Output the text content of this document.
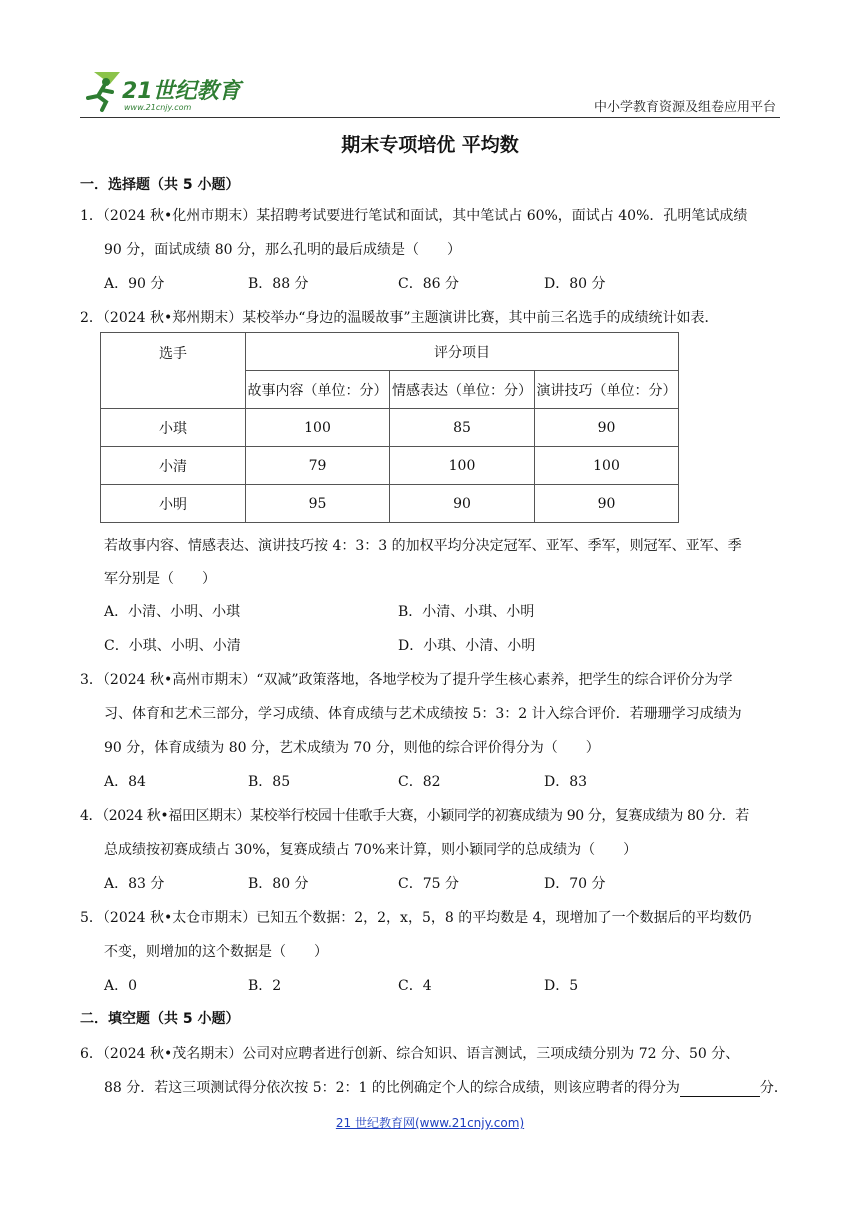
21世纪教育
www.21cnjy.com	中小学教育资源及组卷应用平台
期末专项培优 平均数
一．选择题（共 5 小题）
1．（2024 秋•化州市期末）某招聘考试要进行笔试和面试，其中笔试占 60%，面试占 40%．孔明笔试成绩
90 分，面试成绩 80 分，那么孔明的最后成绩是（　　）
A．90 分	B．88 分	C．86 分	D．80 分
2．（2024 秋•郑州期末）某校举办“身边的温暖故事”主题演讲比赛，其中前三名选手的成绩统计如表．
选手	评分项目		
	故事内容（单位：分）	情感表达（单位：分）	演讲技巧（单位：分）
小琪	100	85	90
小清	79	100	100
小明	95	90	90
若故事内容、情感表达、演讲技巧按 4：3：3 的加权平均分决定冠军、亚军、季军，则冠军、亚军、季
军分别是（　　）
A．小清、小明、小琪	B．小清、小琪、小明
C．小琪、小明、小清	D．小琪、小清、小明
3．（2024 秋•高州市期末）“双减”政策落地，各地学校为了提升学生核心素养，把学生的综合评价分为学
习、体育和艺术三部分，学习成绩、体育成绩与艺术成绩按 5：3：2 计入综合评价．若珊珊学习成绩为
90 分，体育成绩为 80 分，艺术成绩为 70 分，则他的综合评价得分为（　　）
A．84	B．85	C．82	D．83
4．（2024 秋•福田区期末）某校举行校园十佳歌手大赛，小颖同学的初赛成绩为 90 分，复赛成绩为 80 分．若
总成绩按初赛成绩占 30%，复赛成绩占 70%来计算，则小颖同学的总成绩为（　　）
A．83 分	B．80 分	C．75 分	D．70 分
5．（2024 秋•太仓市期末）已知五个数据：2，2，x，5，8 的平均数是 4，现增加了一个数据后的平均数仍
不变，则增加的这个数据是（　　）
A．0	B．2	C．4	D．5
二．填空题（共 5 小题）
6．（2024 秋•茂名期末）公司对应聘者进行创新、综合知识、语言测试，三项成绩分别为 72 分、50 分、
88 分．若这三项测试得分依次按 5：2：1 的比例确定个人的综合成绩，则该应聘者的得分为	分．
21 世纪教育网(www.21cnjy.com)
